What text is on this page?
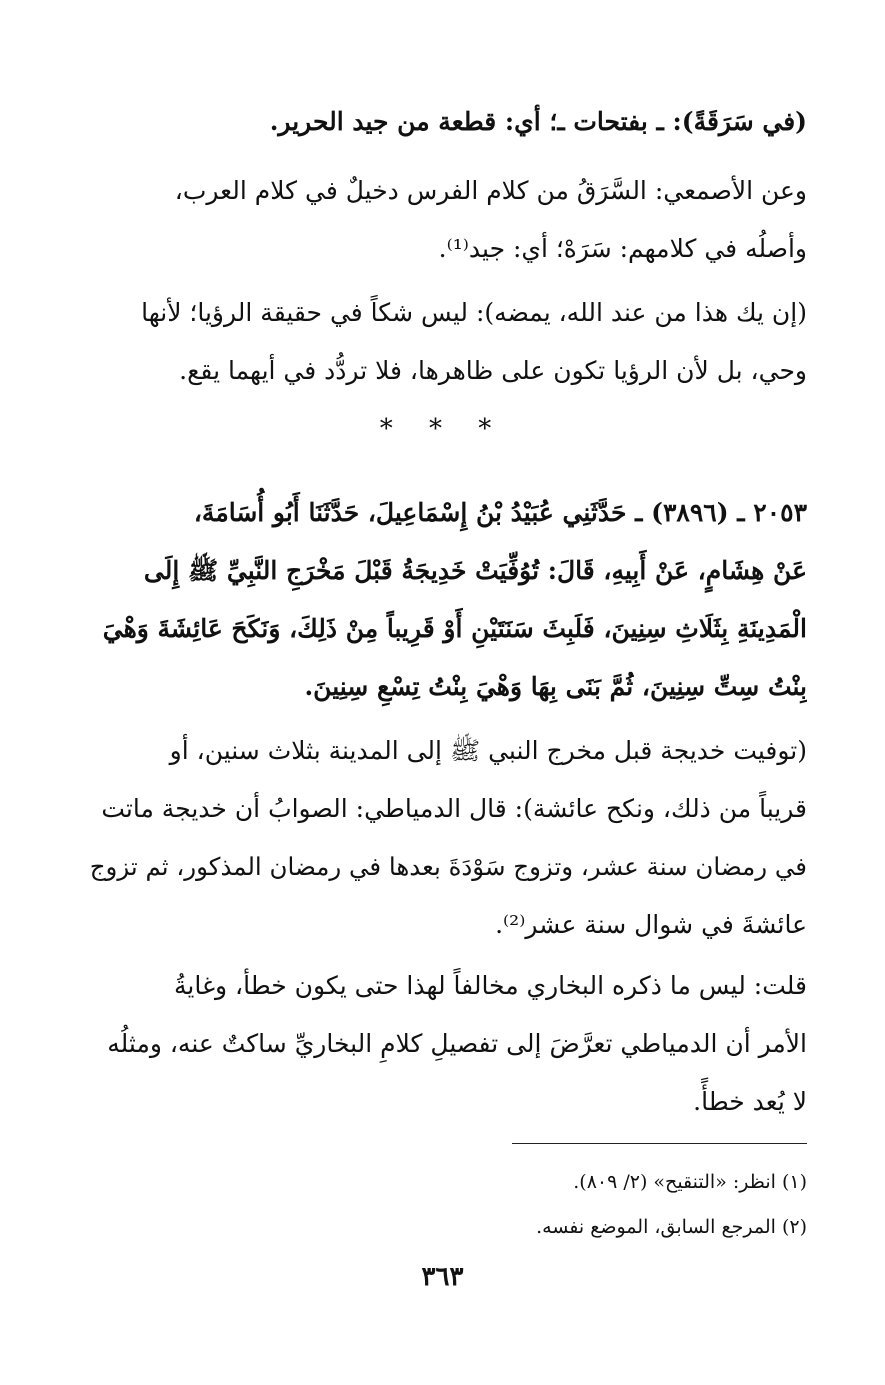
(في سَرَقَةً): ـ بفتحات ـ؛ أي: قطعة من جيد الحرير.
وعن الأصمعي: السَّرَقُ من كلام الفرس دخيلٌ في كلام العرب،
وأصلُه في كلامهم: سَرَهْ؛ أي: جيد⁽¹⁾.
(إن يك هذا من عند الله، يمضه): ليس شكاً في حقيقة الرؤيا؛ لأنها
وحي، بل لأن الرؤيا تكون على ظاهرها، فلا تردُّد في أيهما يقع.
* * *
٢٠٥٣ ـ (٣٨٩٦) ـ حَدَّثَنِي عُبَيْدُ بْنُ إِسْمَاعِيلَ، حَدَّثَنَا أَبُو أُسَامَةَ،
عَنْ هِشَامٍ، عَنْ أَبِيهِ، قَالَ: تُوُفِّيَتْ خَدِيجَةُ قَبْلَ مَخْرَجِ النَّبِيِّ ﷺ إِلَى
الْمَدِينَةِ بِثَلَاثِ سِنِينَ، فَلَبِثَ سَنَتَيْنِ أَوْ قَرِيباً مِنْ ذَلِكَ، وَنَكَحَ عَائِشَةَ وَهْيَ
بِنْتُ سِتِّ سِنِينَ، ثُمَّ بَنَى بِهَا وَهْيَ بِنْتُ تِسْعِ سِنِينَ.
(توفيت خديجة قبل مخرج النبي ﷺ إلى المدينة بثلاث سنين، أو
قريباً من ذلك، ونكح عائشة): قال الدمياطي: الصوابُ أن خديجة ماتت
في رمضان سنة عشر، وتزوج سَوْدَةَ بعدها في رمضان المذكور، ثم تزوج
عائشةَ في شوال سنة عشر⁽²⁾.
قلت: ليس ما ذكره البخاري مخالفاً لهذا حتى يكون خطأ، وغايةُ
الأمر أن الدمياطي تعرَّضَ إلى تفصيلِ كلامِ البخاريِّ ساكتٌ عنه، ومثلُه
لا يُعد خطأً.
(١) انظر: «التنقيح» (٢/ ٨٠٩).
(٢) المرجع السابق، الموضع نفسه.
٣٦٣
